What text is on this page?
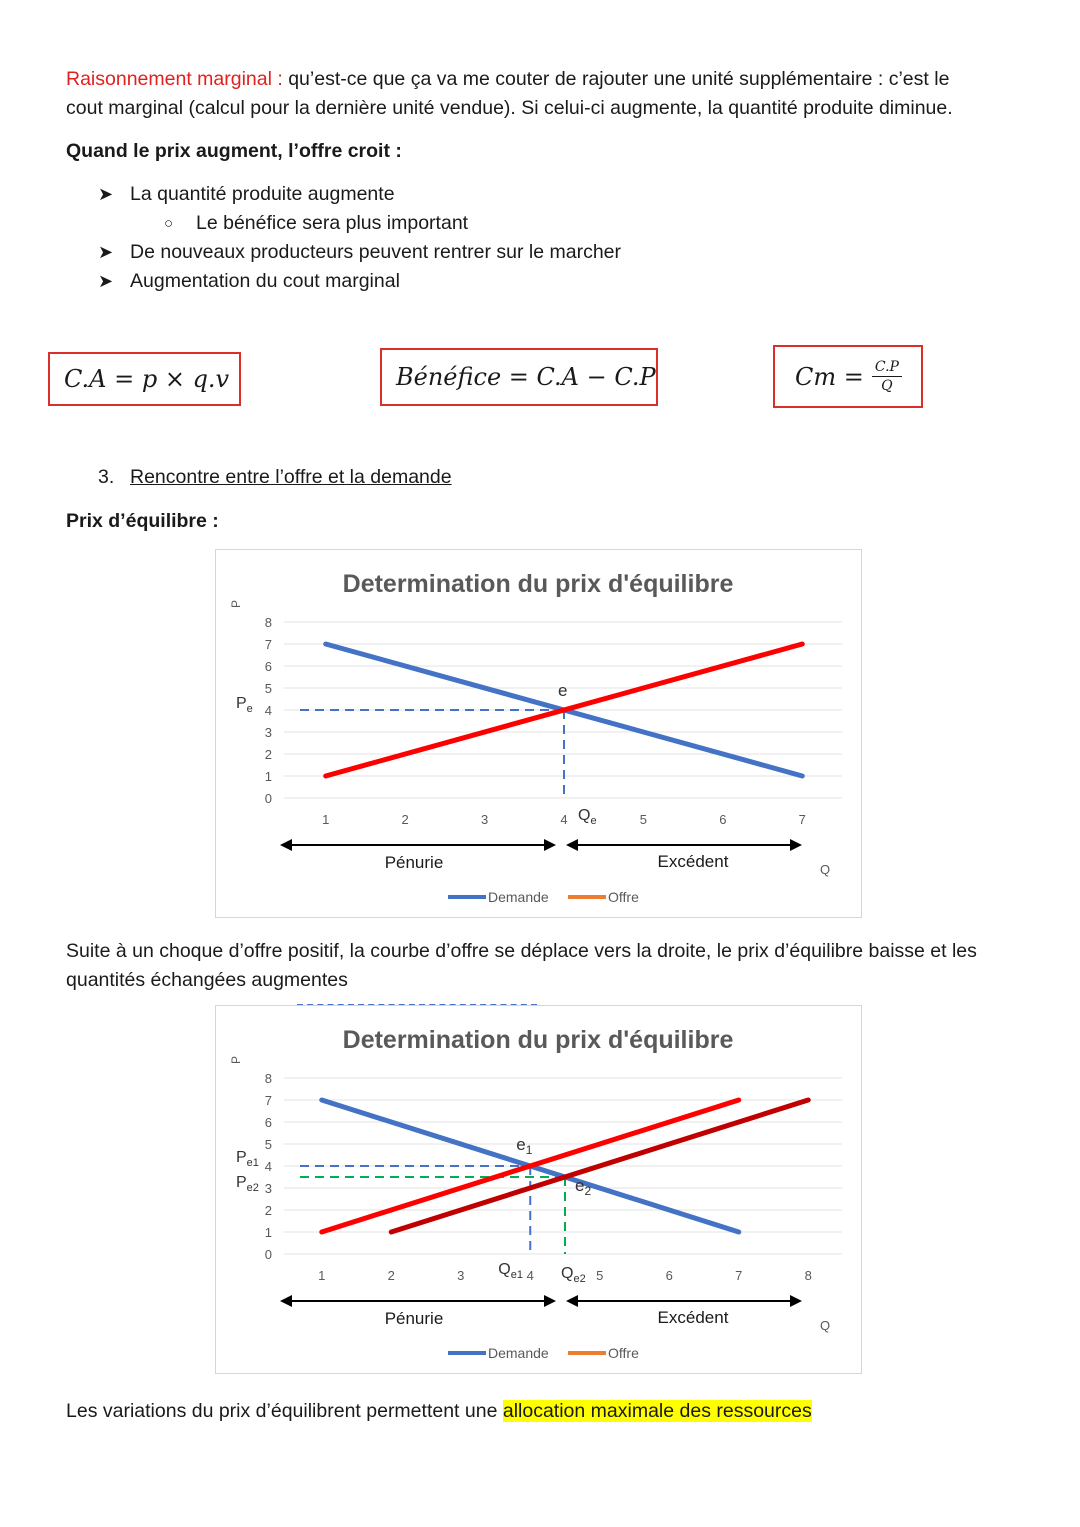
Raisonnement marginal : qu’est-ce que ça va me couter de rajouter une unité supplémentaire : c’est le
cout marginal (calcul pour la dernière unité vendue). Si celui-ci augmente, la quantité produite diminue.
Quand le prix augment, l’offre croit :
➤ La quantité produite augmente
○	Le bénéfice sera plus important
➤ De nouveaux producteurs peuvent rentrer sur le marcher
➤ Augmentation du cout marginal
C.A = p × q.v	Bénéfice = C.A − C.P	$Cm = \frac{C.P}{Q}$
3. Rencontre entre l’offre et la demande
Prix d’équilibre :
Determination du prix d'équilibre
0
1
2
3
4
5
6
7
8
1	2	3	4	5	6	7
P
Q
e
$P_e$
$Q_e$
Pénurie	Excédent
Demande	Offre
Suite à un choque d’offre positif, la courbe d’offre se déplace vers la droite, le prix d’équilibre baisse et les
quantités échangées augmentes
Determination du prix d'équilibre
0
1
2
3
4
5
6
7
8
1	2	3	4	5	6	7	8
P
Q
$e_1$
$P_{e1}$
$Q_{e1}$
$e_2$
$P_{e2}$
$Q_{e2}$
Pénurie	Excédent
Demande	Offre
Les variations du prix d’équilibrent permettent une allocation maximale des ressources
